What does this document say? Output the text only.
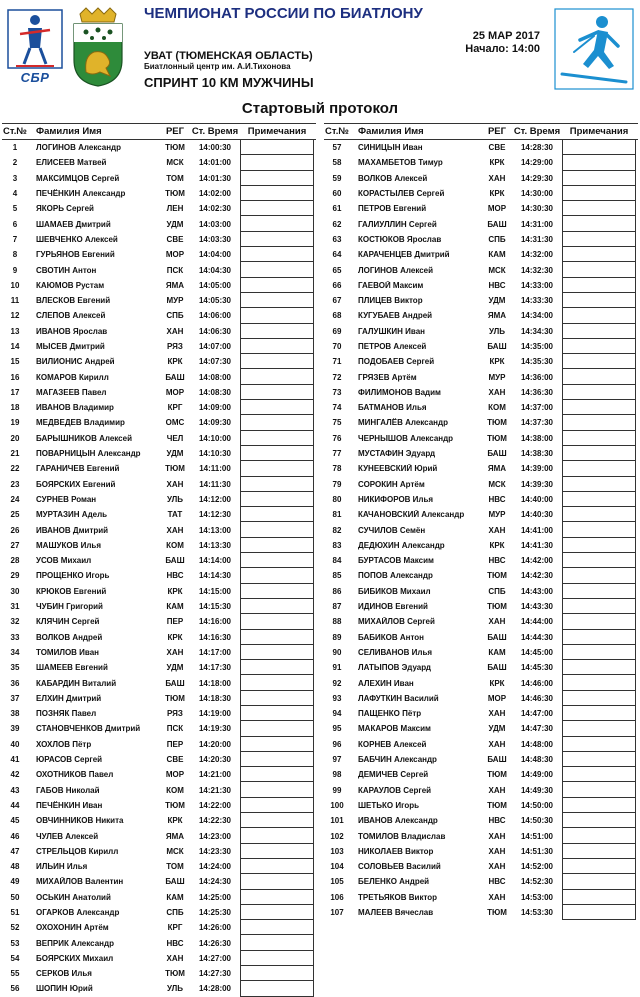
СБР
ЧЕМПИОНАТ РОССИИ ПО БИАТЛОНУ
25 МАР 2017
Начало: 14:00
УВАТ (ТЮМЕНСКАЯ ОБЛАСТЬ)
Биатлонный центр им. А.И.Тихонова
СПРИНТ 10 КМ МУЖЧИНЫ
Стартовый протокол
Ст.№ Фамилия Имя	РЕГ Ст. Время	Примечания
1	ЛОГИНОВ Александр	ТЮМ	14:00:30
2	ЕЛИСЕЕВ Матвей	МСК	14:01:00
3	МАКСИМЦОВ Сергей	ТОМ	14:01:30
4	ПЕЧЁНКИН Александр	ТЮМ	14:02:00
5	ЯКОРЬ Сергей	ЛЕН	14:02:30
6	ШАМАЕВ Дмитрий	УДМ	14:03:00
7	ШЕВЧЕНКО Алексей	СВЕ	14:03:30
8	ГУРЬЯНОВ Евгений	МОР	14:04:00
9	СВОТИН Антон	ПСК	14:04:30
10	КАЮМОВ Рустам	ЯМА	14:05:00
11	ВЛЕСКОВ Евгений	МУР	14:05:30
12	СЛЕПОВ Алексей	СПБ	14:06:00
13	ИВАНОВ Ярослав	ХАН	14:06:30
14	МЫСЕВ Дмитрий	РЯЗ	14:07:00
15	ВИЛИОНИС Андрей	КРК	14:07:30
16	КОМАРОВ Кирилл	БАШ	14:08:00
17	МАГАЗЕЕВ Павел	МОР	14:08:30
18	ИВАНОВ Владимир	КРГ	14:09:00
19	МЕДВЕДЕВ Владимир	ОМС	14:09:30
20	БАРЫШНИКОВ Алексей	ЧЕЛ	14:10:00
21	ПОВАРНИЦЫН Александр	УДМ	14:10:30
22	ГАРАНИЧЕВ Евгений	ТЮМ	14:11:00
23	БОЯРСКИХ Евгений	ХАН	14:11:30
24	СУРНЕВ Роман	УЛЬ	14:12:00
25	МУРТАЗИН Адель	ТАТ	14:12:30
26	ИВАНОВ Дмитрий	ХАН	14:13:00
27	МАШУКОВ Илья	КОМ	14:13:30
28	УСОВ Михаил	БАШ	14:14:00
29	ПРОЩЕНКО Игорь	НВС	14:14:30
30	КРЮКОВ Евгений	КРК	14:15:00
31	ЧУБИН Григорий	КАМ	14:15:30
32	КЛЯЧИН Сергей	ПЕР	14:16:00
33	ВОЛКОВ Андрей	КРК	14:16:30
34	ТОМИЛОВ Иван	ХАН	14:17:00
35	ШАМЕЕВ Евгений	УДМ	14:17:30
36	КАБАРДИН Виталий	БАШ	14:18:00
37	ЕЛХИН Дмитрий	ТЮМ	14:18:30
38	ПОЗНЯК Павел	РЯЗ	14:19:00
39	СТАНОВЧЕНКОВ Дмитрий	ПСК	14:19:30
40	ХОХЛОВ Пётр	ПЕР	14:20:00
41	ЮРАСОВ Сергей	СВЕ	14:20:30
42	ОХОТНИКОВ Павел	МОР	14:21:00
43	ГАБОВ Николай	КОМ	14:21:30
44	ПЕЧЁНКИН Иван	ТЮМ	14:22:00
45	ОВЧИННИКОВ Никита	КРК	14:22:30
46	ЧУЛЕВ Алексей	ЯМА	14:23:00
47	СТРЕЛЬЦОВ Кирилл	МСК	14:23:30
48	ИЛЬИН Илья	ТОМ	14:24:00
49	МИХАЙЛОВ Валентин	БАШ	14:24:30
50	ОСЬКИН Анатолий	КАМ	14:25:00
51	ОГАРКОВ Александр	СПБ	14:25:30
52	ОХОХОНИН Артём	КРГ	14:26:00
53	ВЕПРИК Александр	НВС	14:26:30
54	БОЯРСКИХ Михаил	ХАН	14:27:00
55	СЕРКОВ Илья	ТЮМ	14:27:30
56	ШОПИН Юрий	УЛЬ	14:28:00
Ст.№ Фамилия Имя	РЕГ Ст. Время	Примечания
57	СИНИЦЫН Иван	СВЕ	14:28:30
58	МАХАМБЕТОВ Тимур	КРК	14:29:00
59	ВОЛКОВ Алексей	ХАН	14:29:30
60	КОРАСТЫЛЕВ Сергей	КРК	14:30:00
61	ПЕТРОВ Евгений	МОР	14:30:30
62	ГАЛИУЛЛИН Сергей	БАШ	14:31:00
63	КОСТЮКОВ Ярослав	СПБ	14:31:30
64	КАРАЧЕНЦЕВ Дмитрий	КАМ	14:32:00
65	ЛОГИНОВ Алексей	МСК	14:32:30
66	ГАЕВОЙ Максим	НВС	14:33:00
67	ПЛИЦЕВ Виктор	УДМ	14:33:30
68	КУГУБАЕВ Андрей	ЯМА	14:34:00
69	ГАЛУШКИН Иван	УЛЬ	14:34:30
70	ПЕТРОВ Алексей	БАШ	14:35:00
71	ПОДОБАЕВ Сергей	КРК	14:35:30
72	ГРЯЗЕВ Артём	МУР	14:36:00
73	ФИЛИМОНОВ Вадим	ХАН	14:36:30
74	БАТМАНОВ Илья	КОМ	14:37:00
75	МИНГАЛЁВ Александр	ТЮМ	14:37:30
76	ЧЕРНЫШОВ Александр	ТЮМ	14:38:00
77	МУСТАФИН Эдуард	БАШ	14:38:30
78	КУНЕЕВСКИЙ Юрий	ЯМА	14:39:00
79	СОРОКИН Артём	МСК	14:39:30
80	НИКИФОРОВ Илья	НВС	14:40:00
81	КАЧАНОВСКИЙ Александр	МУР	14:40:30
82	СУЧИЛОВ Семён	ХАН	14:41:00
83	ДЕДЮХИН Александр	КРК	14:41:30
84	БУРТАСОВ Максим	НВС	14:42:00
85	ПОПОВ Александр	ТЮМ	14:42:30
86	БИБИКОВ Михаил	СПБ	14:43:00
87	ИДИНОВ Евгений	ТЮМ	14:43:30
88	МИХАЙЛОВ Сергей	ХАН	14:44:00
89	БАБИКОВ Антон	БАШ	14:44:30
90	СЕЛИВАНОВ Илья	КАМ	14:45:00
91	ЛАТЫПОВ Эдуард	БАШ	14:45:30
92	АЛЕХИН Иван	КРК	14:46:00
93	ЛАФУТКИН Василий	МОР	14:46:30
94	ПАЩЕНКО Пётр	ХАН	14:47:00
95	МАКАРОВ Максим	УДМ	14:47:30
96	КОРНЕВ Алексей	ХАН	14:48:00
97	БАБЧИН Александр	БАШ	14:48:30
98	ДЕМИЧЕВ Сергей	ТЮМ	14:49:00
99	КАРАУЛОВ Сергей	ХАН	14:49:30
100	ШЕТЬКО Игорь	ТЮМ	14:50:00
101	ИВАНОВ Александр	НВС	14:50:30
102	ТОМИЛОВ Владислав	ХАН	14:51:00
103	НИКОЛАЕВ Виктор	ХАН	14:51:30
104	СОЛОВЬЕВ Василий	ХАН	14:52:00
105	БЕЛЕНКО Андрей	НВС	14:52:30
106	ТРЕТЬЯКОВ Виктор	ХАН	14:53:00
107	МАЛЕЕВ Вячеслав	ТЮМ	14:53:30
